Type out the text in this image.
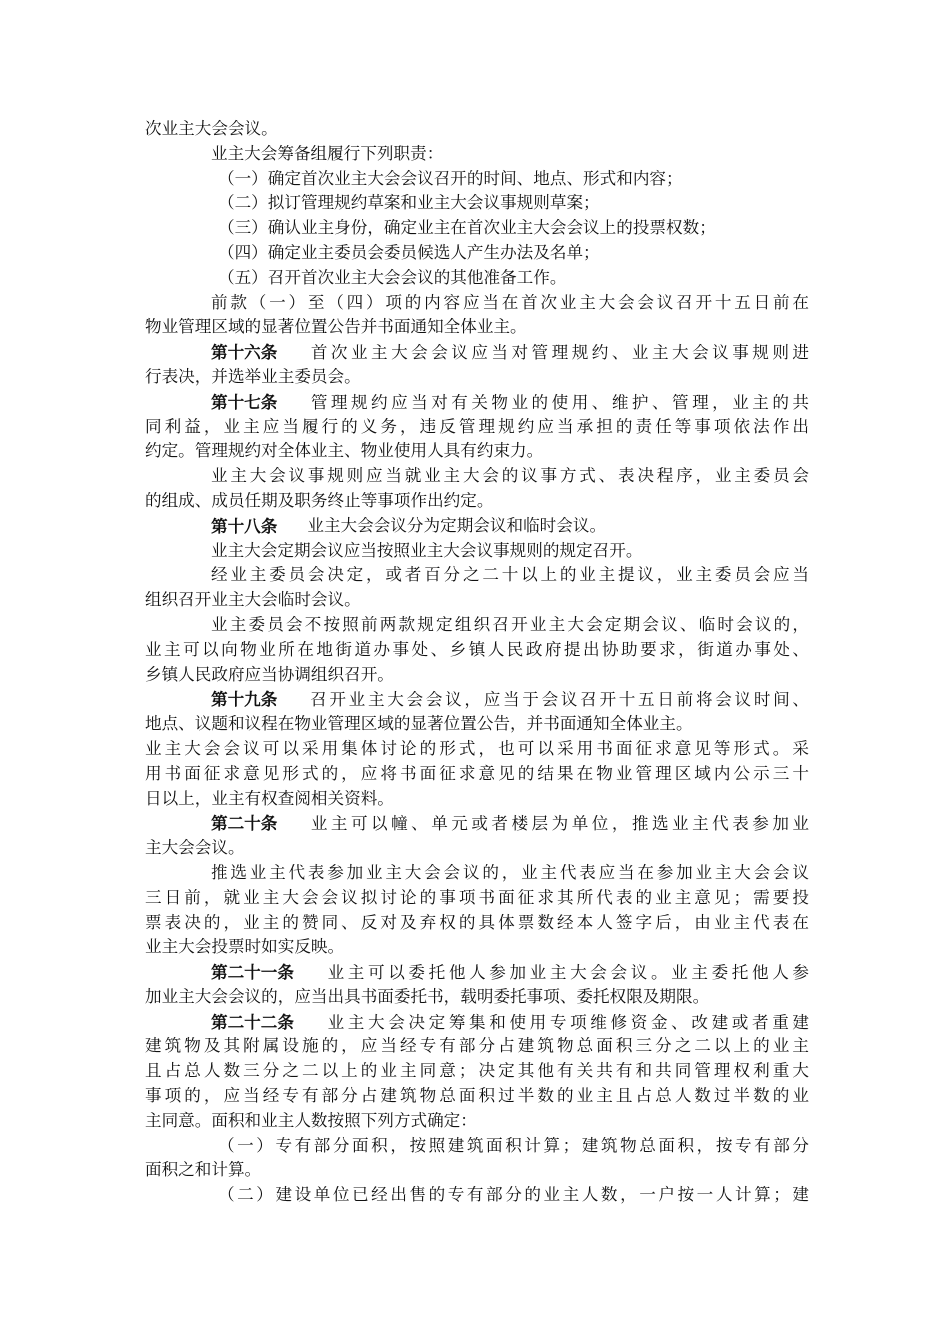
次业主大会会议。
业主大会筹备组履行下列职责：
（一）确定首次业主大会会议召开的时间、地点、形式和内容；
（二）拟订管理规约草案和业主大会议事规则草案；
（三）确认业主身份，确定业主在首次业主大会会议上的投票权数；
（四）确定业主委员会委员候选人产生办法及名单；
（五）召开首次业主大会会议的其他准备工作。
前款（一）至（四）项的内容应当在首次业主大会会议召开十五日前在
物业管理区域的显著位置公告并书面通知全体业主。
第十六条 首次业主大会会议应当对管理规约、业主大会议事规则进
行表决，并选举业主委员会。
第十七条 管理规约应当对有关物业的使用、维护、管理，业主的共
同利益，业主应当履行的义务，违反管理规约应当承担的责任等事项依法作出
约定。管理规约对全体业主、物业使用人具有约束力。
业主大会议事规则应当就业主大会的议事方式、表决程序，业主委员会
的组成、成员任期及职务终止等事项作出约定。
第十八条 业主大会会议分为定期会议和临时会议。
业主大会定期会议应当按照业主大会议事规则的规定召开。
经业主委员会决定，或者百分之二十以上的业主提议，业主委员会应当
组织召开业主大会临时会议。
业主委员会不按照前两款规定组织召开业主大会定期会议、临时会议的，
业主可以向物业所在地街道办事处、乡镇人民政府提出协助要求，街道办事处、
乡镇人民政府应当协调组织召开。
第十九条 召开业主大会会议，应当于会议召开十五日前将会议时间、
地点、议题和议程在物业管理区域的显著位置公告，并书面通知全体业主。
业主大会会议可以采用集体讨论的形式，也可以采用书面征求意见等形式。采
用书面征求意见形式的，应将书面征求意见的结果在物业管理区域内公示三十
日以上，业主有权查阅相关资料。
第二十条 业主可以幢、单元或者楼层为单位，推选业主代表参加业
主大会会议。
推选业主代表参加业主大会会议的，业主代表应当在参加业主大会会议
三日前，就业主大会会议拟讨论的事项书面征求其所代表的业主意见；需要投
票表决的，业主的赞同、反对及弃权的具体票数经本人签字后，由业主代表在
业主大会投票时如实反映。
第二十一条 业主可以委托他人参加业主大会会议。业主委托他人参
加业主大会会议的，应当出具书面委托书，载明委托事项、委托权限及期限。
第二十二条 业主大会决定筹集和使用专项维修资金、改建或者重建
建筑物及其附属设施的，应当经专有部分占建筑物总面积三分之二以上的业主
且占总人数三分之二以上的业主同意；决定其他有关共有和共同管理权利重大
事项的，应当经专有部分占建筑物总面积过半数的业主且占总人数过半数的业
主同意。面积和业主人数按照下列方式确定：
（一）专有部分面积，按照建筑面积计算；建筑物总面积，按专有部分
面积之和计算。
（二）建设单位已经出售的专有部分的业主人数，一户按一人计算；建
